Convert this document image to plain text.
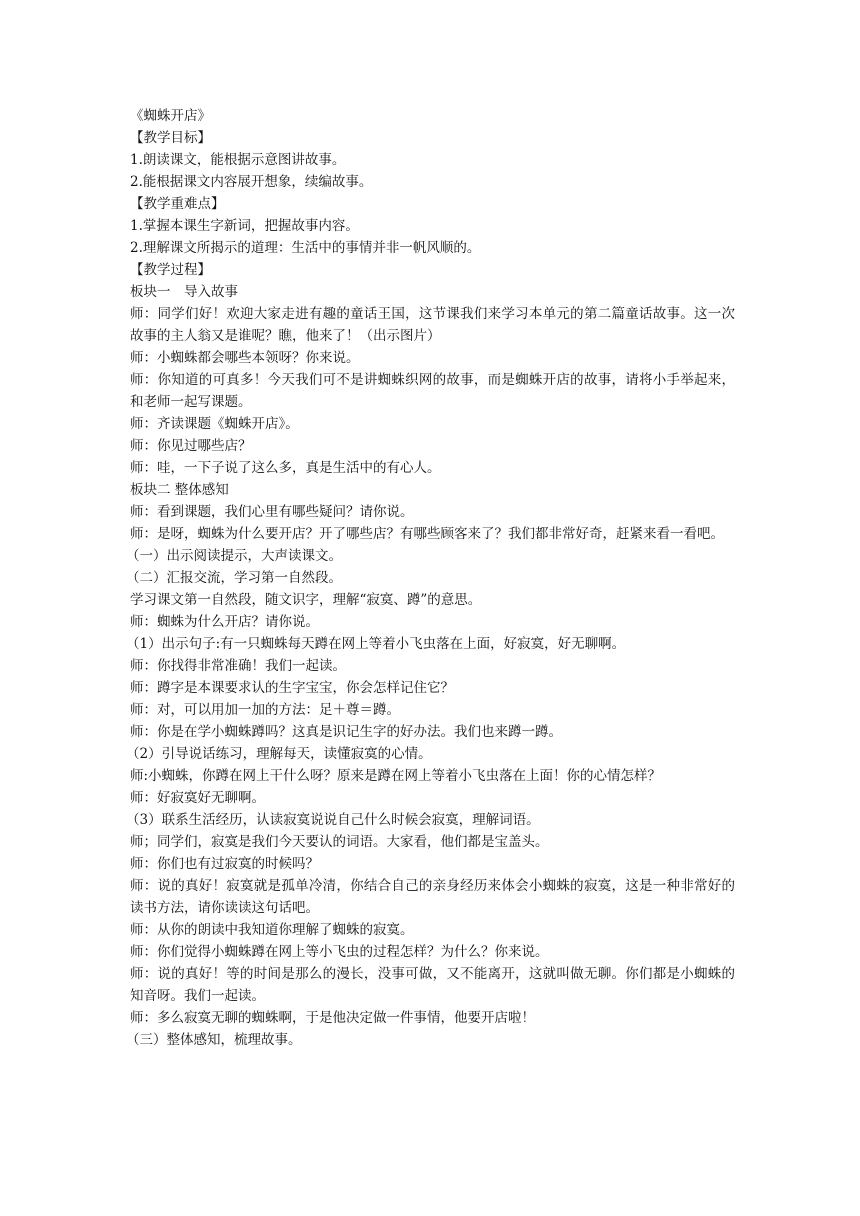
《蜘蛛开店》
【教学目标】
1.朗读课文，能根据示意图讲故事。
2.能根据课文内容展开想象，续编故事。
【教学重难点】
1.掌握本课生字新词，把握故事内容。
2.理解课文所揭示的道理：生活中的事情并非一帆风顺的。
【教学过程】
板块一　导入故事
师：同学们好！欢迎大家走进有趣的童话王国，这节课我们来学习本单元的第二篇童话故事。这一次故事的主人翁又是谁呢？瞧，他来了！（出示图片）
师：小蜘蛛都会哪些本领呀？你来说。
师：你知道的可真多！今天我们可不是讲蜘蛛织网的故事，而是蜘蛛开店的故事，请将小手举起来，和老师一起写课题。
师：齐读课题《蜘蛛开店》。
师：你见过哪些店？
师：哇，一下子说了这么多，真是生活中的有心人。
板块二 整体感知
师：看到课题，我们心里有哪些疑问？请你说。
师：是呀，蜘蛛为什么要开店？开了哪些店？有哪些顾客来了？我们都非常好奇，赶紧来看一看吧。
（一）出示阅读提示，大声读课文。
（二）汇报交流，学习第一自然段。
学习课文第一自然段，随文识字，理解“寂寞、蹲”的意思。
师：蜘蛛为什么开店？请你说。
（1）出示句子:有一只蜘蛛每天蹲在网上等着小飞虫落在上面，好寂寞，好无聊啊。
师：你找得非常准确！我们一起读。
师：蹲字是本课要求认的生字宝宝，你会怎样记住它？
师：对，可以用加一加的方法：足＋尊＝蹲。
师：你是在学小蜘蛛蹲吗？这真是识记生字的好办法。我们也来蹲一蹲。
（2）引导说话练习，理解每天，读懂寂寞的心情。
师:小蜘蛛，你蹲在网上干什么呀？原来是蹲在网上等着小飞虫落在上面！你的心情怎样？
师：好寂寞好无聊啊。
（3）联系生活经历，认读寂寞说说自己什么时候会寂寞，理解词语。
师；同学们，寂寞是我们今天要认的词语。大家看，他们都是宝盖头。
师：你们也有过寂寞的时候吗？
师：说的真好！寂寞就是孤单冷清，你结合自己的亲身经历来体会小蜘蛛的寂寞，这是一种非常好的读书方法，请你读读这句话吧。
师：从你的朗读中我知道你理解了蜘蛛的寂寞。
师：你们觉得小蜘蛛蹲在网上等小飞虫的过程怎样？为什么？你来说。
师：说的真好！等的时间是那么的漫长，没事可做，又不能离开，这就叫做无聊。你们都是小蜘蛛的知音呀。我们一起读。
师：多么寂寞无聊的蜘蛛啊，于是他决定做一件事情，他要开店啦！
（三）整体感知，梳理故事。
